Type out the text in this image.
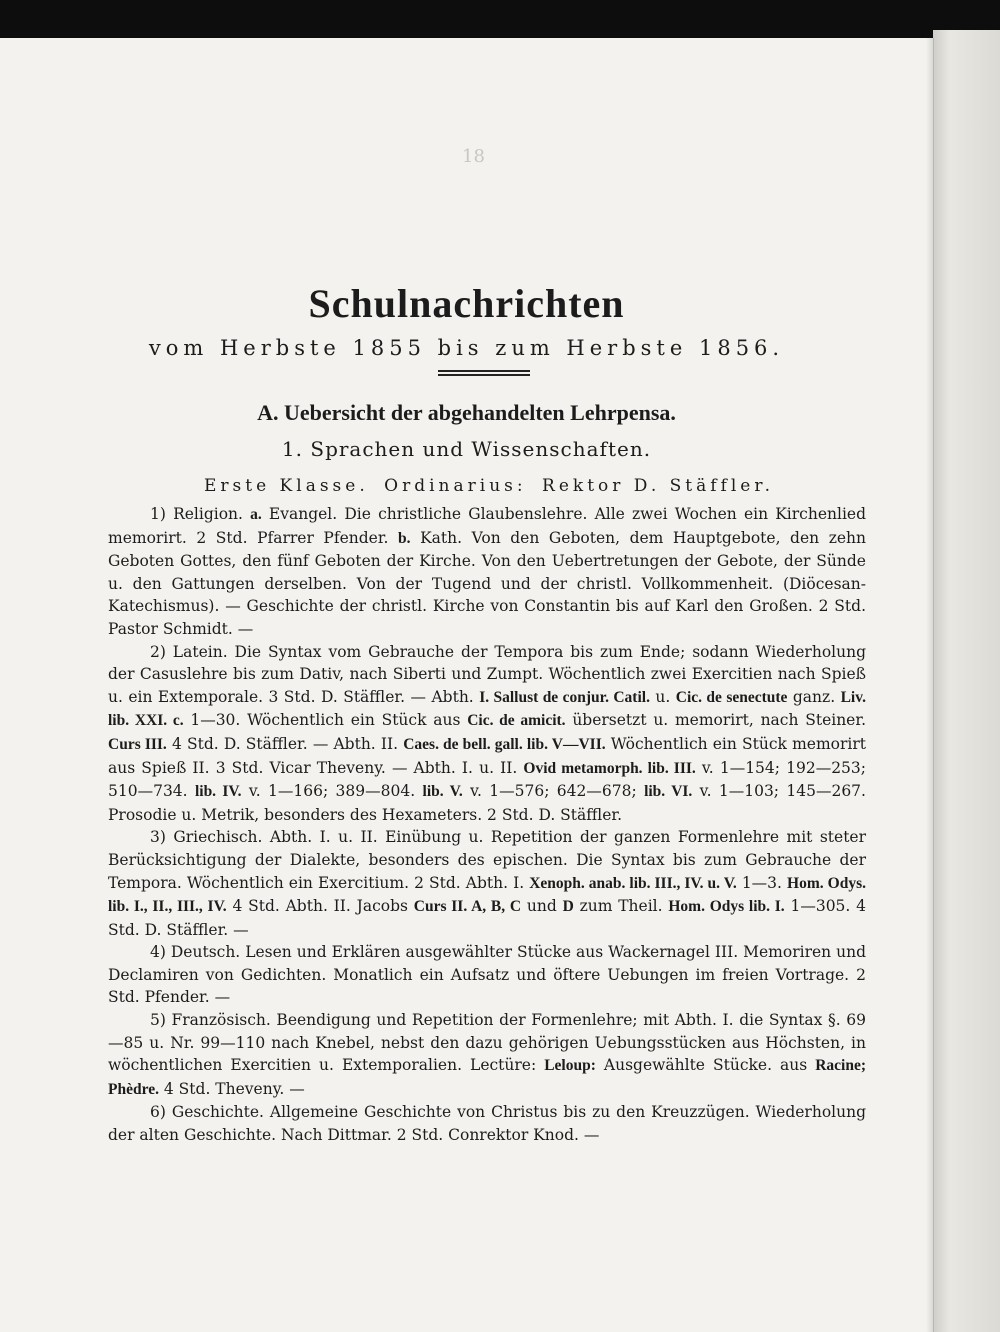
18
Schulnachrichten
vom Herbste 1855 bis zum Herbste 1856.
A. Uebersicht der abgehandelten Lehrpensa.
1. Sprachen und Wissenschaften.
Erste Klasse. Ordinarius: Rektor D. Stäffler.

1) Religion. a. Evangel. Die christliche Glaubenslehre. Alle zwei Wochen ein Kirchenlied memorirt. 2 Std. Pfarrer Pfender. b. Kath. Von den Geboten, dem Hauptgebote, den zehn Geboten Gottes, den fünf Geboten der Kirche. Von den Uebertretungen der Gebote, der Sünde u. den Gattungen derselben. Von der Tugend und der christl. Vollkommenheit. (Diöcesan-Katechismus). — Geschichte der christl. Kirche von Constantin bis auf Karl den Großen. 2 Std. Pastor Schmidt. —

2) Latein. Die Syntax vom Gebrauche der Tempora bis zum Ende; sodann Wiederholung der Casuslehre bis zum Dativ, nach Siberti und Zumpt. Wöchentlich zwei Exercitien nach Spieß u. ein Extemporale. 3 Std. D. Stäffler. — Abth. I. Sallust de conjur. Catil. u. Cic. de senectute ganz. Liv. lib. XXI. c. 1—30. Wöchentlich ein Stück aus Cic. de amicit. übersetzt u. memorirt, nach Steiner. Curs III. 4 Std. D. Stäffler. — Abth. II. Caes. de bell. gall. lib. V—VII. Wöchentlich ein Stück memorirt aus Spieß II. 3 Std. Vicar Theveny. — Abth. I. u. II. Ovid metamorph. lib. III. v. 1—154; 192—253; 510—734. lib. IV. v. 1—166; 389—804. lib. V. v. 1—576; 642—678; lib. VI. v. 1—103; 145—267. Prosodie u. Metrik, besonders des Hexameters. 2 Std. D. Stäffler.

3) Griechisch. Abth. I. u. II. Einübung u. Repetition der ganzen Formenlehre mit steter Berücksichtigung der Dialekte, besonders des epischen. Die Syntax bis zum Gebrauche der Tempora. Wöchentlich ein Exercitium. 2 Std. Abth. I. Xenoph. anab. lib. III., IV. u. V. 1—3. Hom. Odys. lib. I., II., III., IV. 4 Std. Abth. II. Jacobs Curs II. A, B, C und D zum Theil. Hom. Odys lib. I. 1—305. 4 Std. D. Stäffler. —

4) Deutsch. Lesen und Erklären ausgewählter Stücke aus Wackernagel III. Memoriren und Declamiren von Gedichten. Monatlich ein Aufsatz und öftere Uebungen im freien Vortrage. 2 Std. Pfender. —

5) Französisch. Beendigung und Repetition der Formenlehre; mit Abth. I. die Syntax §. 69—85 u. Nr. 99—110 nach Knebel, nebst den dazu gehörigen Uebungsstücken aus Höchsten, in wöchentlichen Exercitien u. Extemporalien. Lectüre: Leloup: Ausgewählte Stücke. aus Racine; Phèdre. 4 Std. Theveny. —

6) Geschichte. Allgemeine Geschichte von Christus bis zu den Kreuzzügen. Wiederholung der alten Geschichte. Nach Dittmar. 2 Std. Conrektor Knod. —
